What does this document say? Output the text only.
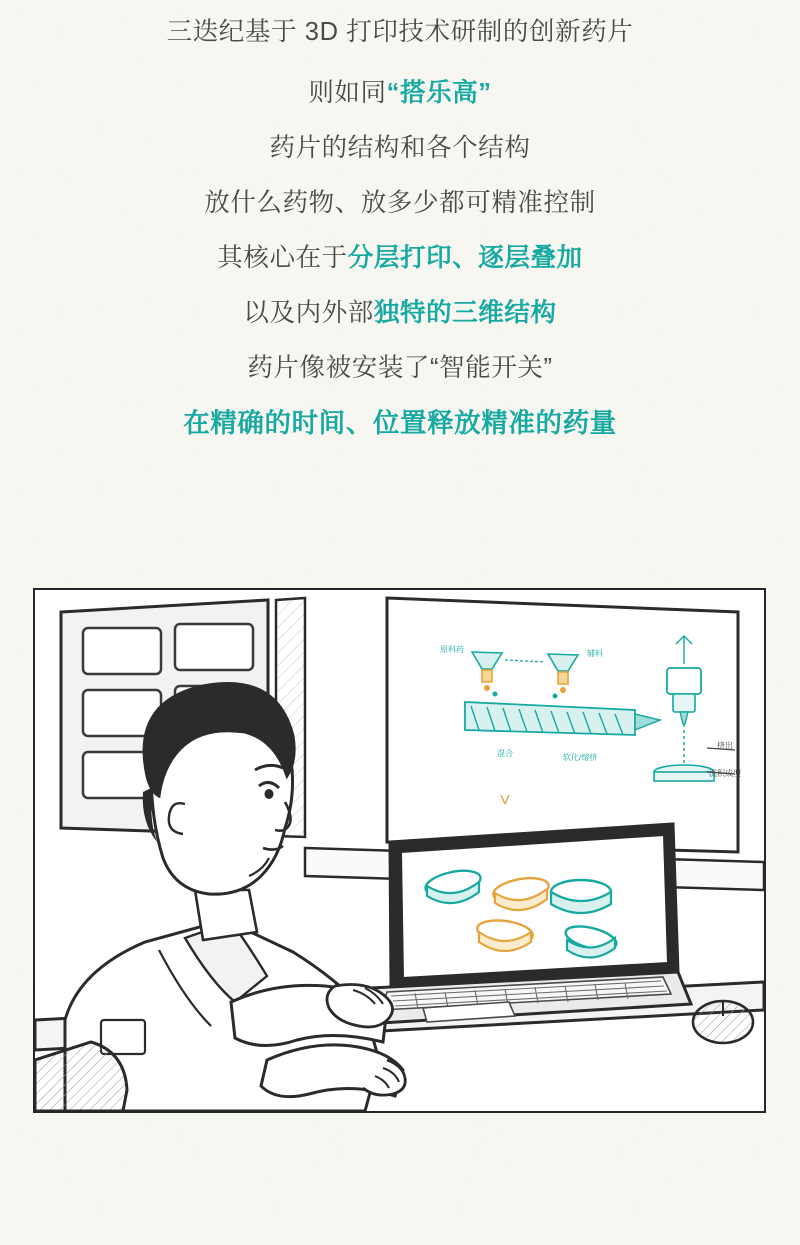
三迭纪基于 3D 打印技术研制的创新药片

则如同“搭乐高”

药片的结构和各个结构

放什么药物、放多少都可精准控制

其核心在于分层打印、逐层叠加

以及内外部独特的三维结构

药片像被安装了“智能开关”

在精确的时间、位置释放精准的药量

原料药	辅料
混合	软化/熔挤
挤出
沉积成型
